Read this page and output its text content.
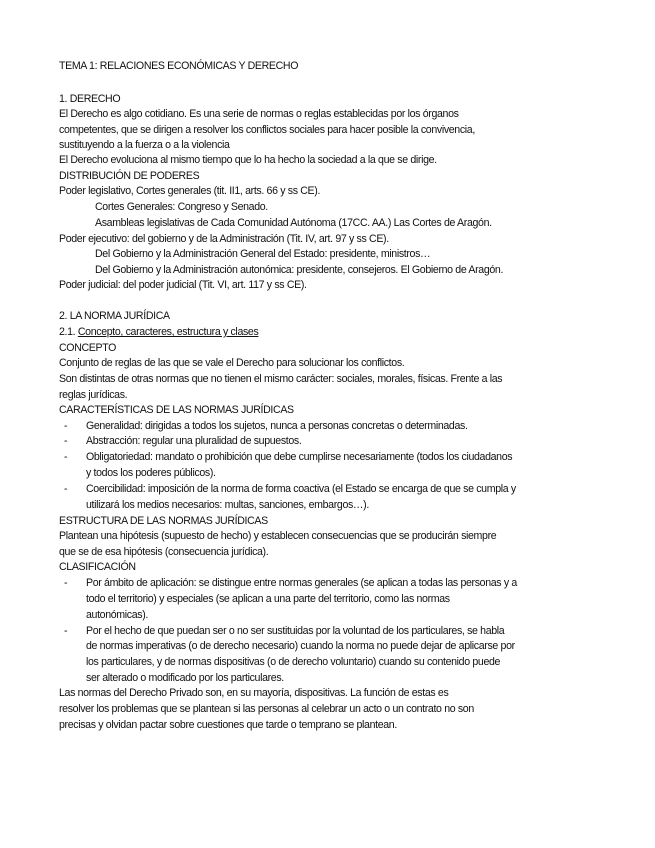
TEMA 1: RELACIONES ECONÓMICAS Y DERECHO
1. DERECHO
El Derecho es algo cotidiano. Es una serie de normas o reglas establecidas por los órganos
competentes, que se dirigen a resolver los conflictos sociales para hacer posible la convivencia,
sustituyendo a la fuerza o a la violencia
El Derecho evoluciona al mismo tiempo que lo ha hecho la sociedad a la que se dirige.
DISTRIBUCIÓN DE PODERES
Poder legislativo, Cortes generales (tit. II1, arts. 66 y ss CE).
Cortes Generales: Congreso y Senado.
Asambleas legislativas de Cada Comunidad Autónoma (17CC. AA.) Las Cortes de Aragón.
Poder ejecutivo: del gobierno y de la Administración (Tit. IV, art. 97 y ss CE).
Del Gobierno y la Administración General del Estado: presidente, ministros…
Del Gobierno y la Administración autonómica: presidente, consejeros. El Gobierno de Aragón.
Poder judicial: del poder judicial (Tit. VI, art. 117 y ss CE).
2. LA NORMA JURÍDICA
2.1. Concepto, caracteres, estructura y clases
CONCEPTO
Conjunto de reglas de las que se vale el Derecho para solucionar los conflictos.
Son distintas de otras normas que no tienen el mismo carácter: sociales, morales, físicas. Frente a las
reglas jurídicas.
CARACTERÍSTICAS DE LAS NORMAS JURÍDICAS
- Generalidad: dirigidas a todos los sujetos, nunca a personas concretas o determinadas.
- Abstracción: regular una pluralidad de supuestos.
- Obligatoriedad: mandato o prohibición que debe cumplirse necesariamente (todos los ciudadanos
y todos los poderes públicos).
- Coercibilidad: imposición de la norma de forma coactiva (el Estado se encarga de que se cumpla y
utilizará los medios necesarios: multas, sanciones, embargos…).
ESTRUCTURA DE LAS NORMAS JURÍDICAS
Plantean una hipótesis (supuesto de hecho) y establecen consecuencias que se producirán siempre
que se de esa hipótesis (consecuencia jurídica).
CLASIFICACIÓN
- Por ámbito de aplicación: se distingue entre normas generales (se aplican a todas las personas y a
todo el territorio) y especiales (se aplican a una parte del territorio, como las normas
autonómicas).
- Por el hecho de que puedan ser o no ser sustituidas por la voluntad de los particulares, se habla
de normas imperativas (o de derecho necesario) cuando la norma no puede dejar de aplicarse por
los particulares, y de normas dispositivas (o de derecho voluntario) cuando su contenido puede
ser alterado o modificado por los particulares.
Las normas del Derecho Privado son, en su mayoría, dispositivas. La función de estas es
resolver los problemas que se plantean si las personas al celebrar un acto o un contrato no son
precisas y olvidan pactar sobre cuestiones que tarde o temprano se plantean.
